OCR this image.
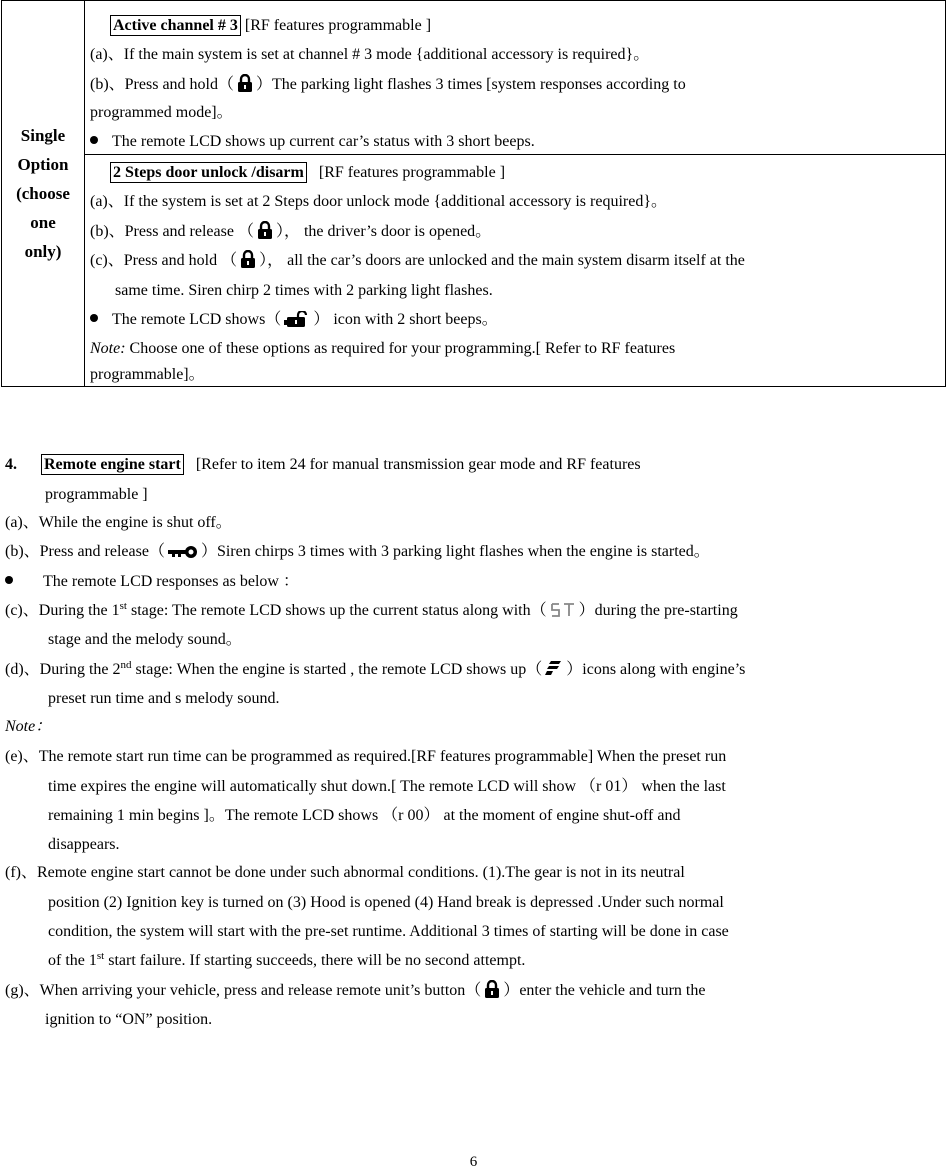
Single
Option
(choose
one
only)
Active channel # 3 [RF features programmable ]
(a)、If the main system is set at channel # 3 mode {additional accessory is required}。
(b)、Press and hold（ ）The parking light flashes 3 times [system responses according to
programmed mode]。
The remote LCD shows up current car’s status with 3 short beeps.
2 Steps door unlock /disarm [RF features programmable ]
(a)、If the system is set at 2 Steps door unlock mode {additional accessory is required}。
(b)、Press and release （ ）， the driver’s door is opened。
(c)、Press and hold （ ）， all the car’s doors are unlocked and the main system disarm itself at the
same time. Siren chirp 2 times with 2 parking light flashes.
The remote LCD shows（ ） icon with 2 short beeps。
Note: Choose one of these options as required for your programming.[ Refer to RF features
programmable]。
4. Remote engine start [Refer to item 24 for manual transmission gear mode and RF features
programmable ]
(a)、While the engine is shut off。
(b)、Press and release（ ）Siren chirps 3 times with 3 parking light flashes when the engine is started。
The remote LCD responses as below ：
(c)、During the 1st stage: The remote LCD shows up the current status along with（ ）during the pre-starting
stage and the melody sound。
(d)、During the 2nd stage: When the engine is started , the remote LCD shows up（ ）icons along with engine’s
preset run time and s melody sound.
Note：
(e)、The remote start run time can be programmed as required.[RF features programmable] When the preset run
time expires the engine will automatically shut down.[ The remote LCD will show （r 01） when the last
remaining 1 min begins ]。The remote LCD shows （r 00） at the moment of engine shut-off and
disappears.
(f)、Remote engine start cannot be done under such abnormal conditions. (1).The gear is not in its neutral
position (2) Ignition key is turned on (3) Hood is opened (4) Hand break is depressed .Under such normal
condition, the system will start with the pre-set runtime. Additional 3 times of starting will be done in case
of the 1st start failure. If starting succeeds, there will be no second attempt.
(g)、When arriving your vehicle, press and release remote unit’s button（ ）enter the vehicle and turn the
ignition to “ON” position.
6
